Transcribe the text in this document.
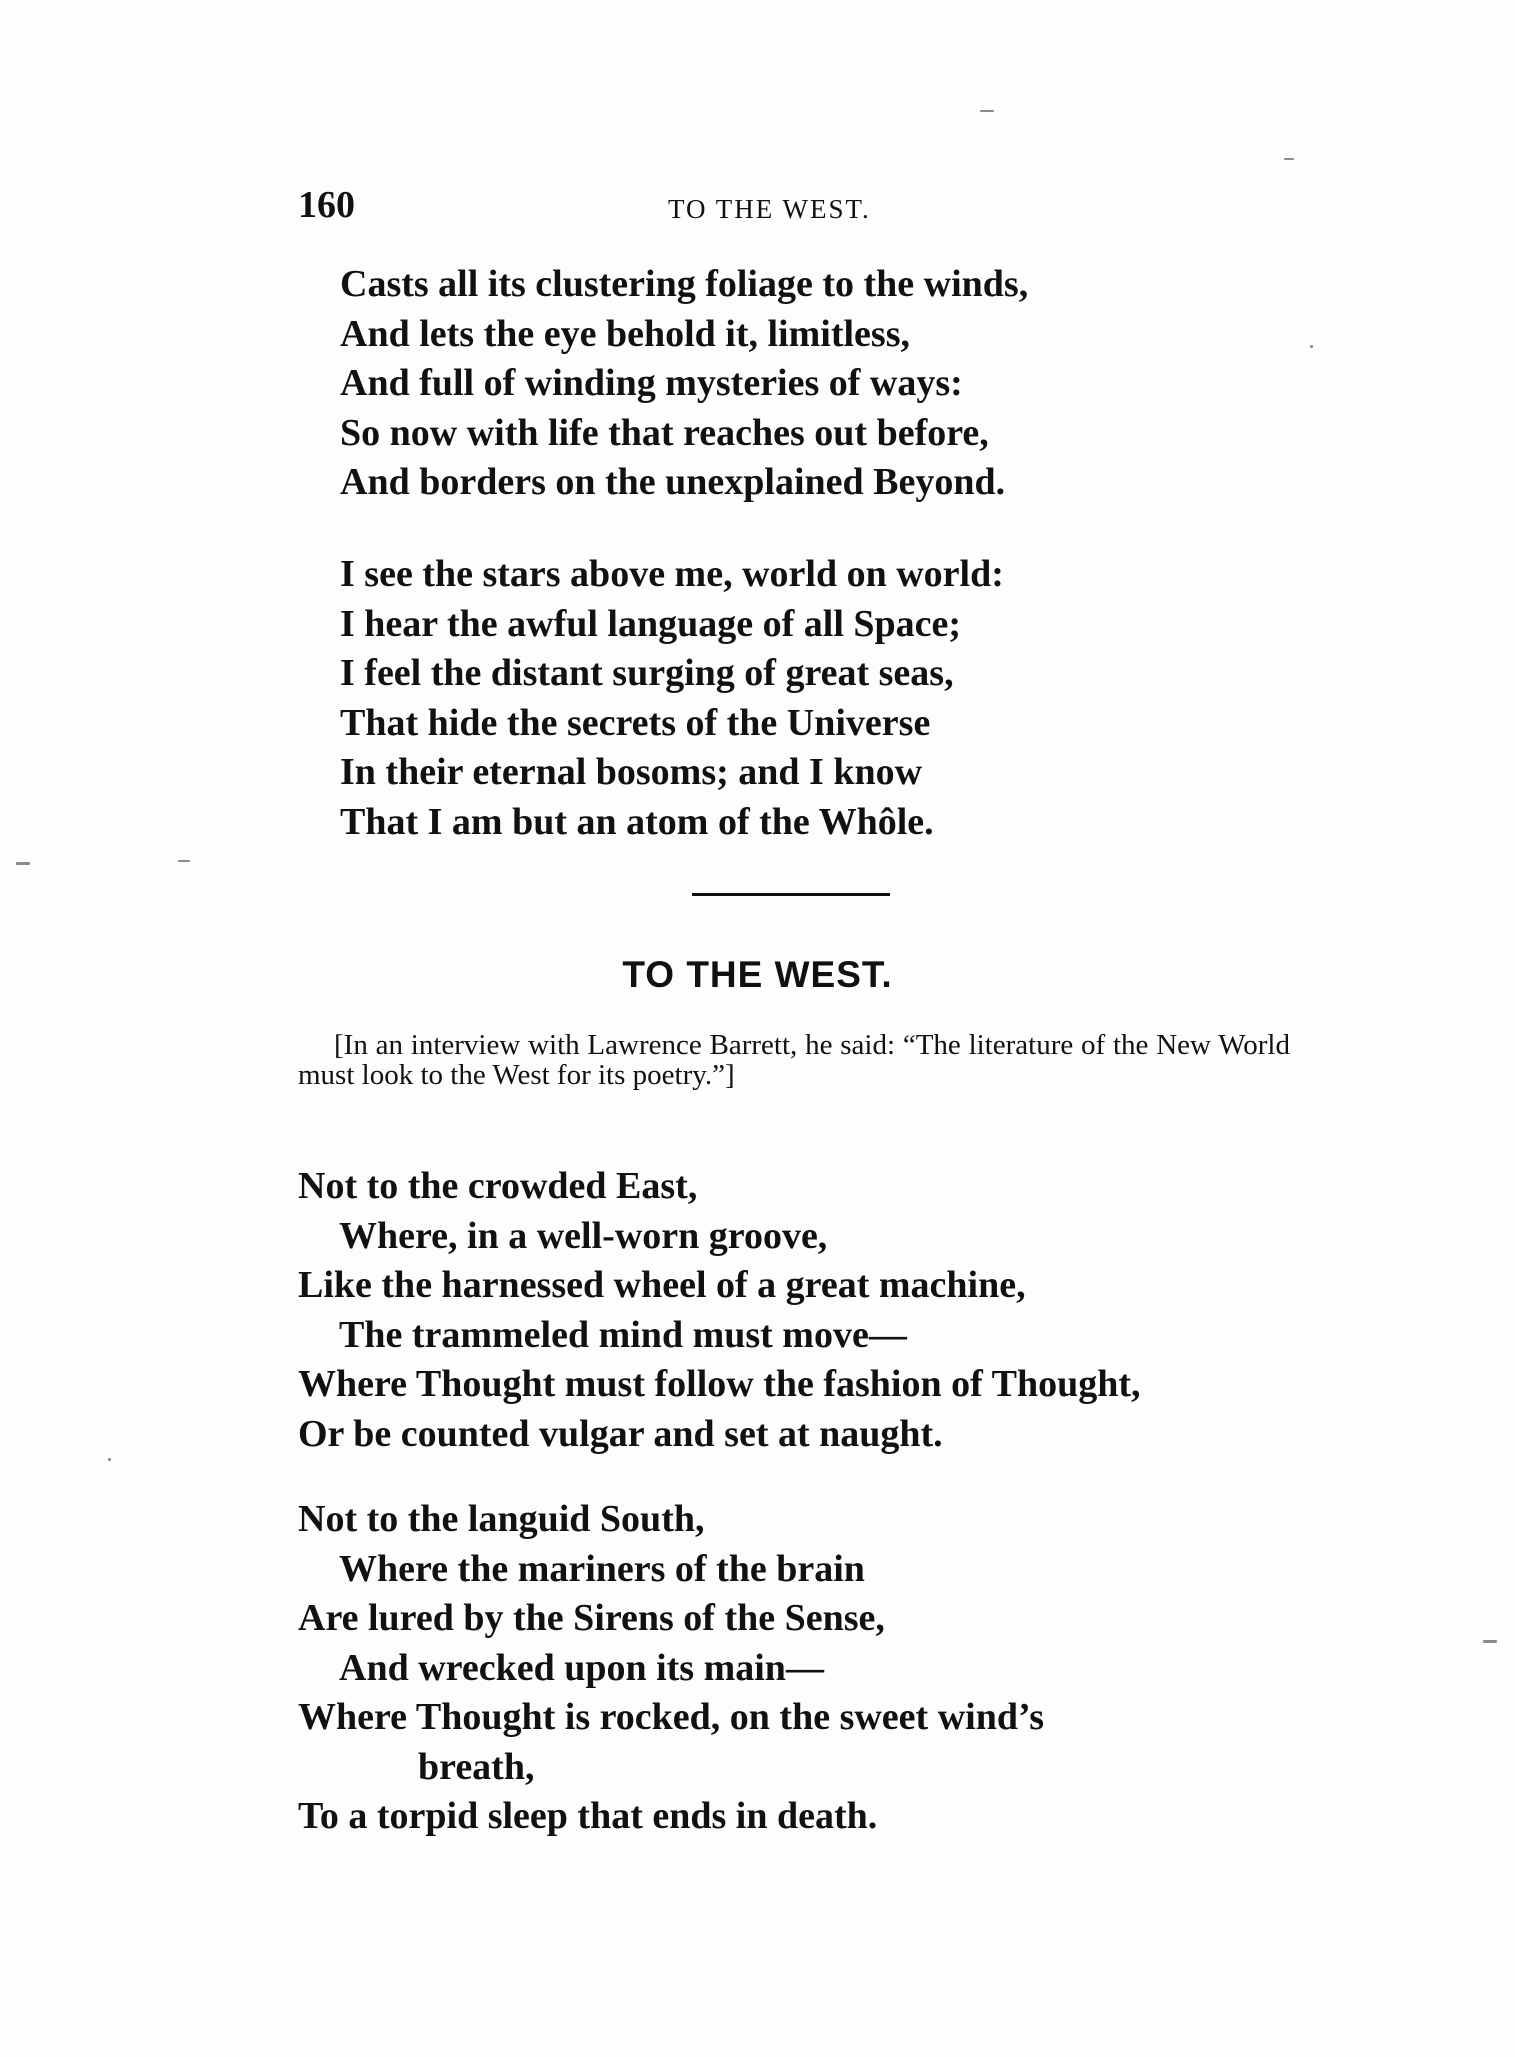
160	TO THE WEST.
Casts all its clustering foliage to the winds,
And lets the eye behold it, limitless,
And full of winding mysteries of ways:
So now with life that reaches out before,
And borders on the unexplained Beyond.
I see the stars above me, world on world:
I hear the awful language of all Space;
I feel the distant surging of great seas,
That hide the secrets of the Universe
In their eternal bosoms; and I know
That I am but an atom of the Whôle.
TO THE WEST.
[In an interview with Lawrence Barrett, he said: “The literature of the New World must look to the West for its poetry.”]
Not to the crowded East,
Where, in a well-worn groove,
Like the harnessed wheel of a great machine,
The trammeled mind must move—
Where Thought must follow the fashion of Thought,
Or be counted vulgar and set at naught.
Not to the languid South,
Where the mariners of the brain
Are lured by the Sirens of the Sense,
And wrecked upon its main—
Where Thought is rocked, on the sweet wind’s
breath,
To a torpid sleep that ends in death.
